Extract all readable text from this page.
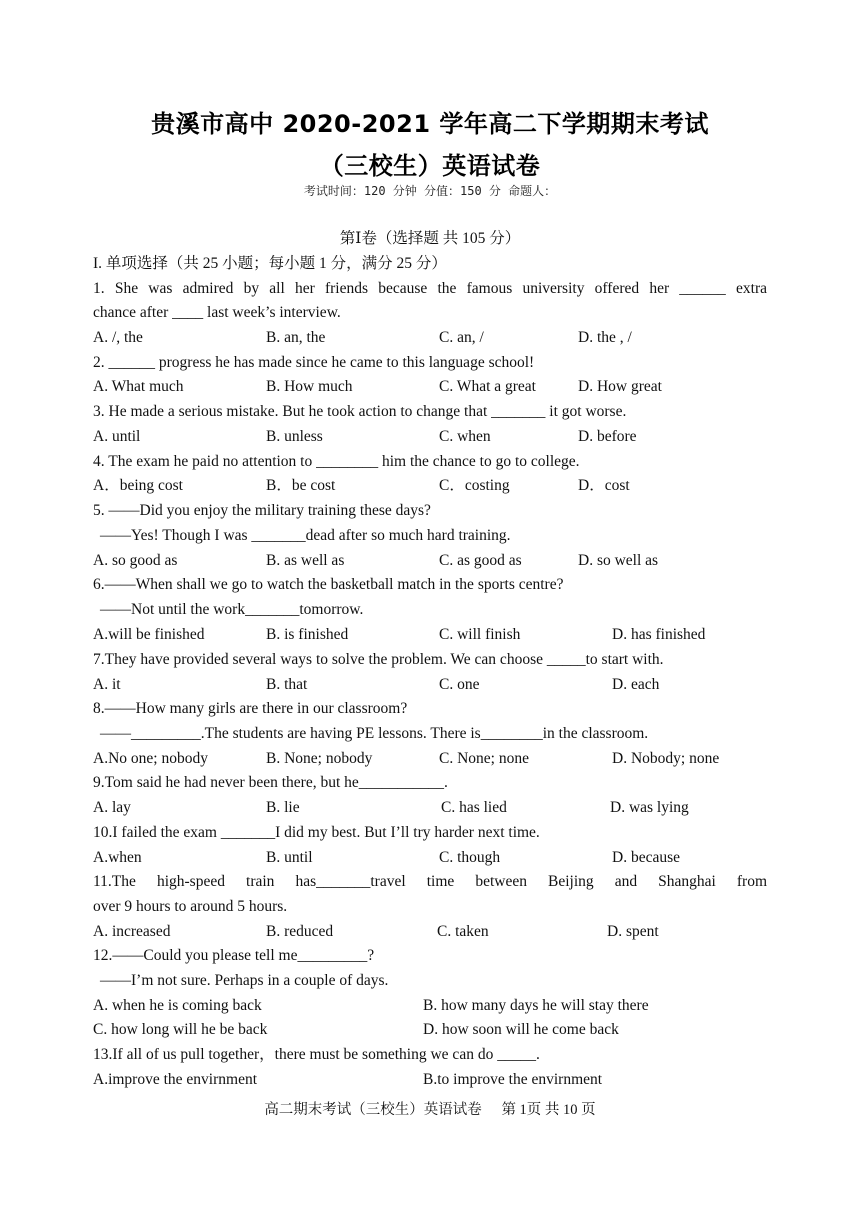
贵溪市高中 2020-2021 学年高二下学期期末考试
（三校生）英语试卷
考试时间：120 分钟 分值：150 分 命题人：
第Ⅰ卷（选择题 共 105 分）
I. 单项选择（共 25 小题；每小题 1 分，满分 25 分）
1. She was admired by all her friends because the famous university offered her ______ extra
chance after ____ last week’s interview.
A. /, the	B. an, the	C. an, /	D. the , /
2. ______ progress he has made since he came to this language school!
A. What much	B. How much	C. What a great	D. How great
3. He made a serious mistake. But he took action to change that _______ it got worse.
A. until	B. unless	C. when	D. before
4. The exam he paid no attention to ________ him the chance to go to college.
A．being cost	B．be cost	C．costing	D．cost
5. ——Did you enjoy the military training these days?
——Yes! Though I was _______dead after so much hard training.
A. so good as	B. as well as	C. as good as	D. so well as
6.——When shall we go to watch the basketball match in the sports centre?
——Not until the work_______tomorrow.
A.will be finished	B. is finished	C. will finish	D. has finished
7.They have provided several ways to solve the problem. We can choose _____to start with.
A. it	B. that	C. one	D. each
8.——How many girls are there in our classroom?
——_________.The students are having PE lessons. There is________in the classroom.
A.No one; nobody	B. None; nobody	C. None; none	D. Nobody; none
9.Tom said he had never been there, but he___________.
A. lay	B. lie	C. has lied	D. was lying
10.I failed the exam _______I did my best. But I’ll try harder next time.
A.when	B. until	C. though	D. because
11.The high-speed train has_______travel time between Beijing and Shanghai from
over 9 hours to around 5 hours.
A. increased	B. reduced	C. taken	D. spent
12.——Could you please tell me_________?
——I’m not sure. Perhaps in a couple of days.
A. when he is coming back	B. how many days he will stay there
C. how long will he be back	D. how soon will he come back
13.If all of us pull together，there must be something we can do _____.
A.improve the envirnment	B.to improve the envirnment
高二期末考试（三校生）英语试卷 第 1页 共 10 页
